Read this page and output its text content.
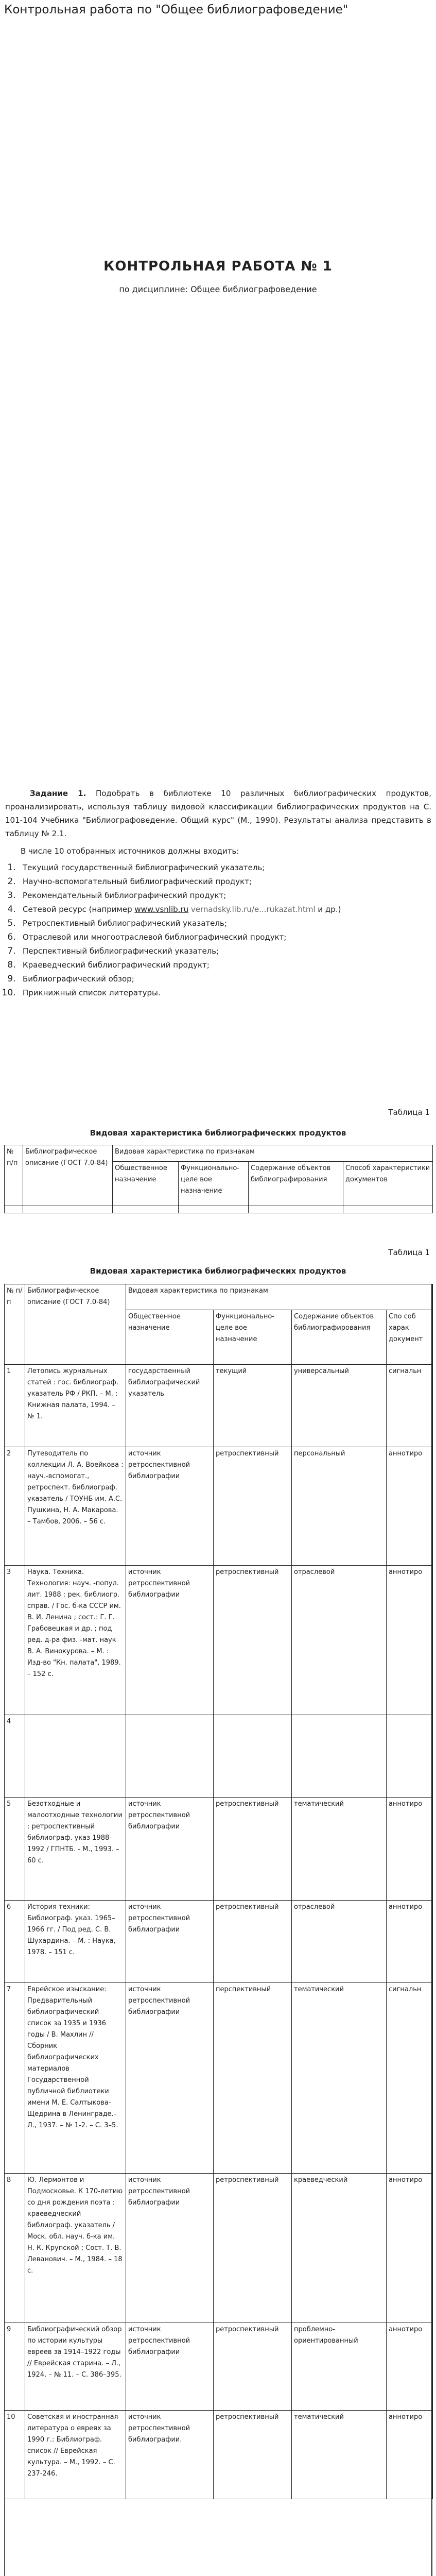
Контрольная работа по "Общее библиографоведение"
КОНТРОЛЬНАЯ РАБОТА № 1
по дисциплине: Общее библиографоведение

Задание 1. Подобрать в библиотеке 10 различных библиографических продуктов, проанализировать, используя таблицу видовой классификации библиографических продуктов на С. 101-104 Учебника "Библиографоведение. Общий курс" (М., 1990). Результаты анализа представить в таблицу № 2.1.

В числе 10 отобранных источников должны входить:

1. Текущий государственный библиографический указатель;
2. Научно-вспомогательный библиографический продукт;
3. Рекомендательный библиографический продукт;
4. Сетевой ресурс (например www.vsnlib.ru vernadsky.lib.ru/e...rukazat.html и др.)
5. Ретроспективный библиографический указатель;
6. Отраслевой или многоотраслевой библиографический продукт;
7. Перспективный библиографический указатель;
8. Краеведческий библиографический продукт;
9. Библиографический обзор;
10. Прикнижный список литературы.
Таблица 1
Видовая характеристика библиографических продуктов
№ п/п	Библиографическое описание (ГОСТ 7.0-84)	Видовая характеристика по признакам			
		Общественное назначение	Функционально-целе вое назначение	Содержание объектов библиографирования	Способ характеристики документов

Таблица 1
Видовая характеристика библиографических продуктов
№ п/п	Библиографическое описание (ГОСТ 7.0-84)	Видовая характеристика по признакам			
		Общественное назначение	Функционально-целе вое назначение	Содержание объектов библиографирования	Спо соб харак документ
1	Летопись журнальных статей : гос. библиограф. указатель РФ / РКП. – М. : Книжная палата, 1994. – № 1.	государственный библиографический указатель	текущий	универсальный	сигнальн
2	Путеводитель по коллекции Л. А. Воейкова : науч.-вспомогат., ретроспект. библиограф. указатель / ТОУНБ им. А.С. Пушкина, Н. А. Макарова. – Тамбов, 2006. – 56 с.	источник ретроспективной библиографии	ретроспективный	персональный	аннотиро
3	Наука. Техника. Технология: науч. -попул. лит. 1988 : рек. библиогр. справ. / Гос. б-ка СССР им. В. И. Ленина ; сост.: Г. Г. Грабовецкая и др. ; под ред. д-ра физ. -мат. наук В. А. Винокурова. – М. : Изд-во "Кн. палата", 1989. – 152 с.	источник ретроспективной библиографии	ретроспективный	отраслевой	аннотиро
4					
5	Безотходные и малоотходные технологии : ретроспективный библиограф. указ 1988-1992 / ГПНТБ. - М., 1993. – 60 с.	источник ретроспективной библиографии	ретроспективный	тематический	аннотиро
6	История техники: Библиограф. указ. 1965–1966 гг. / Под ред. С. В. Шухардина. – М. : Наука, 1978. – 151 с.	источник ретроспективной библиографии	ретроспективный	отраслевой	аннотиро
7	Еврейское изыскание: Предварительный библиографический список за 1935 и 1936 годы / В. Махлин // Сборник библиографических материалов Государственной публичной библиотеки имени М. Е. Салтыкова-Щедрина в Ленинграде.– Л., 1937. – № 1-2. – С. 3–5.	источник ретроспективной библиографии	перспективный	тематический	сигнальн
8	Ю. Лермонтов и Подмосковье. К 170-летию со дня рождения поэта : краеведческий библиограф. указатель / Моск. обл. науч. б-ка им. Н. К. Крупской ; Сост. Т. В. Леванович. – М., 1984. – 18 с.	источник ретроспективной библиографии	ретроспективный	краеведческий	аннотиро
9	Библиографический обзор по истории культуры евреев за 1914–1922 годы // Еврейская старина. – Л., 1924. – № 11. – С. 386–395.	источник ретроспективной библиографии	ретроспективный	проблемно-ориентированный	аннотиро
10	Советская и иностранная литература о евреях за 1990 г.: Библиограф. список // Еврейская культура. – М., 1992. – С. 237-246.	источник ретроспективной библиографии.	ретроспективный	тематический	аннотиро
